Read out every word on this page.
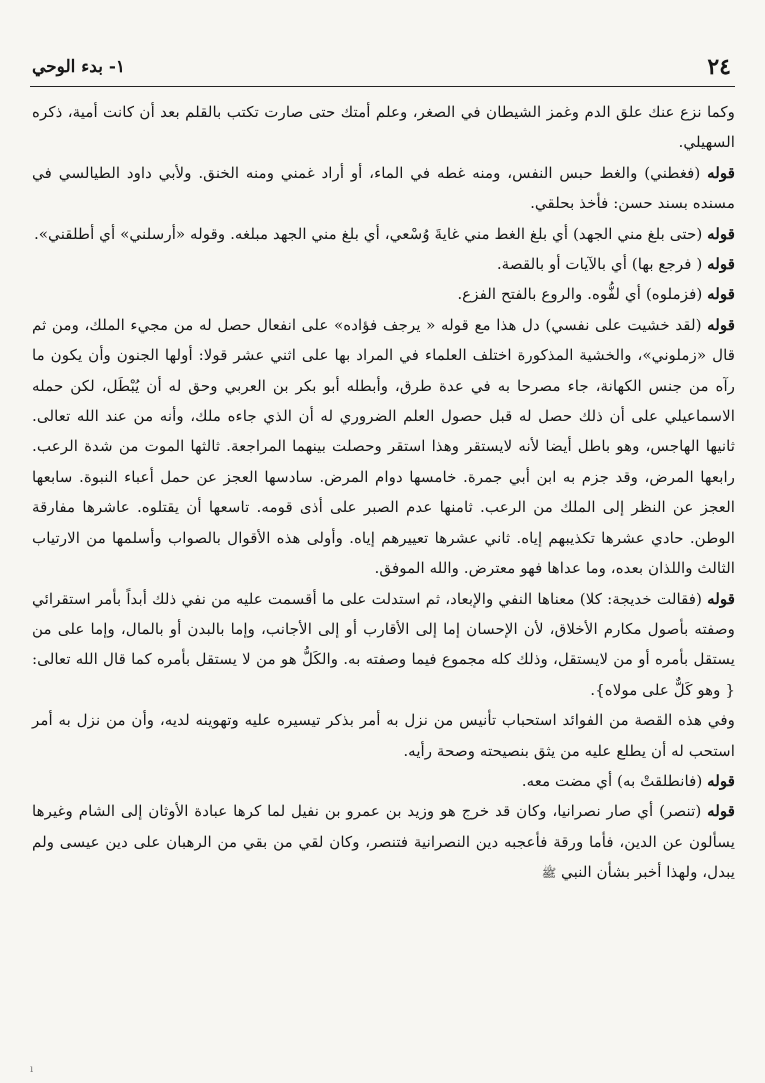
٢٤
١- بدء الوحي

وكما نزع عنك علق الدم وغمز الشيطان في الصغر، وعلم أمتك حتى صارت تكتب بالقلم بعد أن كانت أمية، ذكره السهيلي.

قوله (فغطني) والغط حبس النفس، ومنه غطه في الماء، أو أراد غمني ومنه الخنق. ولأبي داود الطيالسي في مسنده بسند حسن: فأخذ بحلقي.

قوله (حتى بلغ مني الجهد) أي بلغ الغط مني غايةَ وُسْعي، أي بلغ مني الجهد مبلغه. وقوله «أرسلني» أي أطلقني».

قوله ( فرجع بها) أي بالآيات أو بالقصة.

قوله (فزملوه) أي لفُّوه. والروع بالفتح الفزع.

قوله (لقد خشيت على نفسي) دل هذا مع قوله « يرجف فؤاده» على انفعال حصل له من مجيء الملك، ومن ثم قال «زملوني»، والخشية المذكورة اختلف العلماء في المراد بها على اثني عشر قولا: أولها الجنون وأن يكون ما رآه من جنس الكهانة، جاء مصرحا به في عدة طرق، وأبطله أبو بكر بن العربي وحق له أن يُبْطَل، لكن حمله الاسماعيلي على أن ذلك حصل له قبل حصول العلم الضروري له أن الذي جاءه ملك، وأنه من عند الله تعالى. ثانيها الهاجس، وهو باطل أيضا لأنه لايستقر وهذا استقر وحصلت بينهما المراجعة. ثالثها الموت من شدة الرعب. رابعها المرض، وقد جزم به ابن أبي جمرة. خامسها دوام المرض. سادسها العجز عن حمل أعباء النبوة. سابعها العجز عن النظر إلى الملك من الرعب. ثامنها عدم الصبر على أذى قومه. تاسعها أن يقتلوه. عاشرها مفارقة الوطن. حادي عشرها تكذيبهم إياه. ثاني عشرها تعييرهم إياه. وأولى هذه الأقوال بالصواب وأسلمها من الارتياب الثالث واللذان بعده، وما عداها فهو معترض. والله الموفق.

قوله (فقالت خديجة: كلا) معناها النفي والإبعاد، ثم استدلت على ما أقسمت عليه من نفي ذلك أبداً بأمر استقرائي وصفته بأصول مكارم الأخلاق، لأن الإحسان إما إلى الأقارب أو إلى الأجانب، وإما بالبدن أو بالمال، وإما على من يستقل بأمره أو من لايستقل، وذلك كله مجموع فيما وصفته به. والكَلُّ هو من لا يستقل بأمره كما قال الله تعالى: { وهو كَلٌّ على مولاه}.

وفي هذه القصة من الفوائد استحباب تأنيس من نزل به أمر بذكر تيسيره عليه وتهوينه لديه، وأن من نزل به أمر استحب له أن يطلع عليه من يثق بنصيحته وصحة رأيه.

قوله (فانطلقتْ به) أي مضت معه.

قوله (تنصر) أي صار نصرانيا، وكان قد خرج هو وزيد بن عمرو بن نفيل لما كرها عبادة الأوثان إلى الشام وغيرها يسألون عن الدين، فأما ورقة فأعجبه دين النصرانية فتنصر، وكان لقي من بقي من الرهبان على دين عيسى ولم يبدل، ولهذا أخبر بشأن النبي ﷺ

ı
